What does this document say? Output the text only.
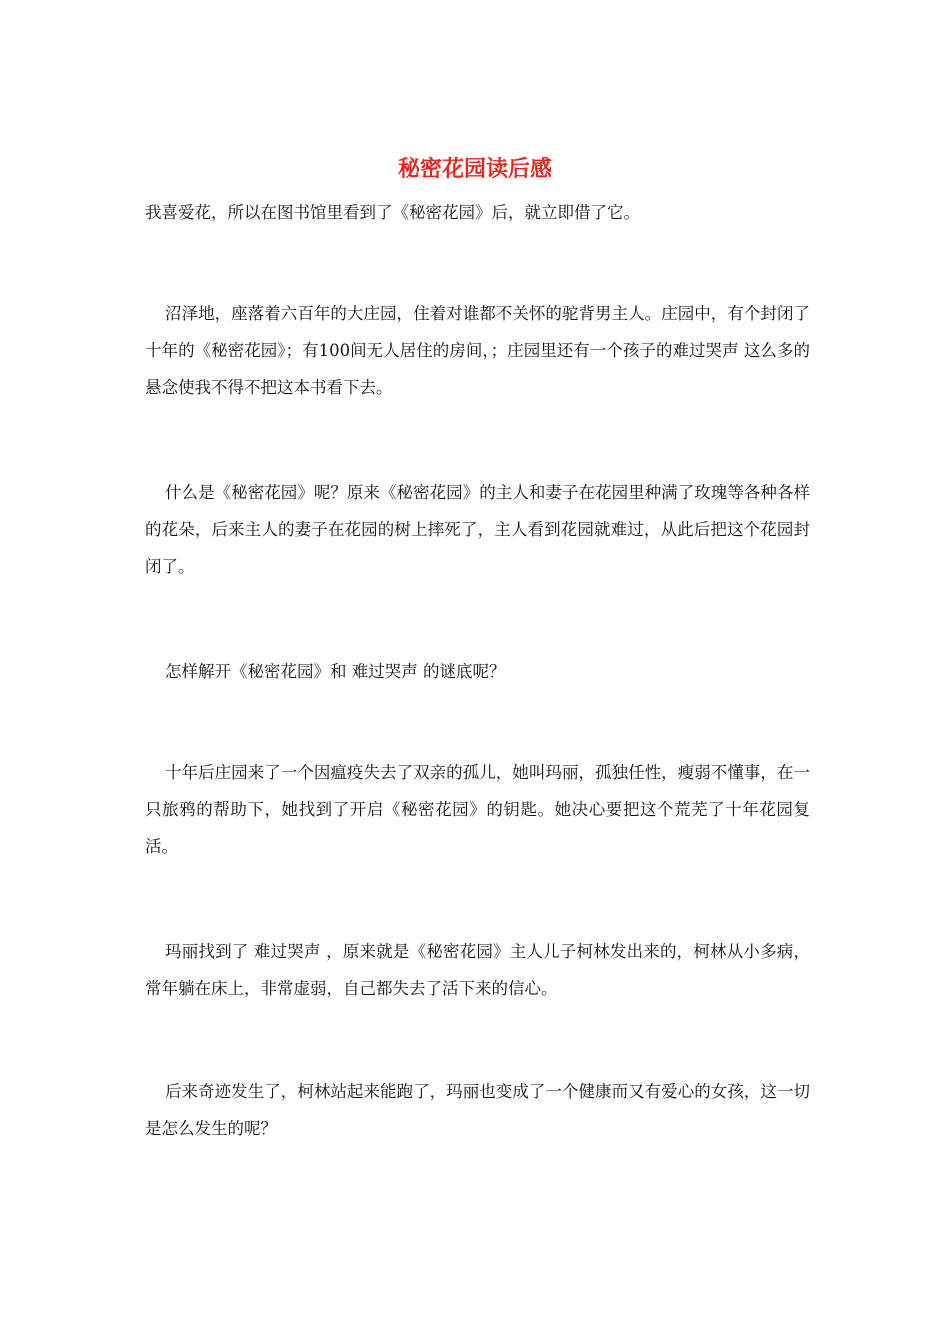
秘密花园读后感

我喜爱花，所以在图书馆里看到了《秘密花园》后，就立即借了它。

沼泽地，座落着六百年的大庄园，住着对谁都不关怀的驼背男主人。庄园中，有个封闭了十年的《秘密花园》；有100间无人居住的房间，；庄园里还有一个孩子的难过哭声 这么多的悬念使我不得不把这本书看下去。

什么是《秘密花园》呢？原来《秘密花园》的主人和妻子在花园里种满了玫瑰等各种各样的花朵，后来主人的妻子在花园的树上摔死了，主人看到花园就难过，从此后把这个花园封闭了。

怎样解开《秘密花园》和 难过哭声 的谜底呢？

十年后庄园来了一个因瘟疫失去了双亲的孤儿，她叫玛丽，孤独任性，瘦弱不懂事，在一只旅鸦的帮助下，她找到了开启《秘密花园》的钥匙。她决心要把这个荒芜了十年花园复活。

玛丽找到了 难过哭声 ，原来就是《秘密花园》主人儿子柯林发出来的，柯林从小多病，常年躺在床上，非常虚弱，自己都失去了活下来的信心。

后来奇迹发生了，柯林站起来能跑了，玛丽也变成了一个健康而又有爱心的女孩，这一切是怎么发生的呢？
